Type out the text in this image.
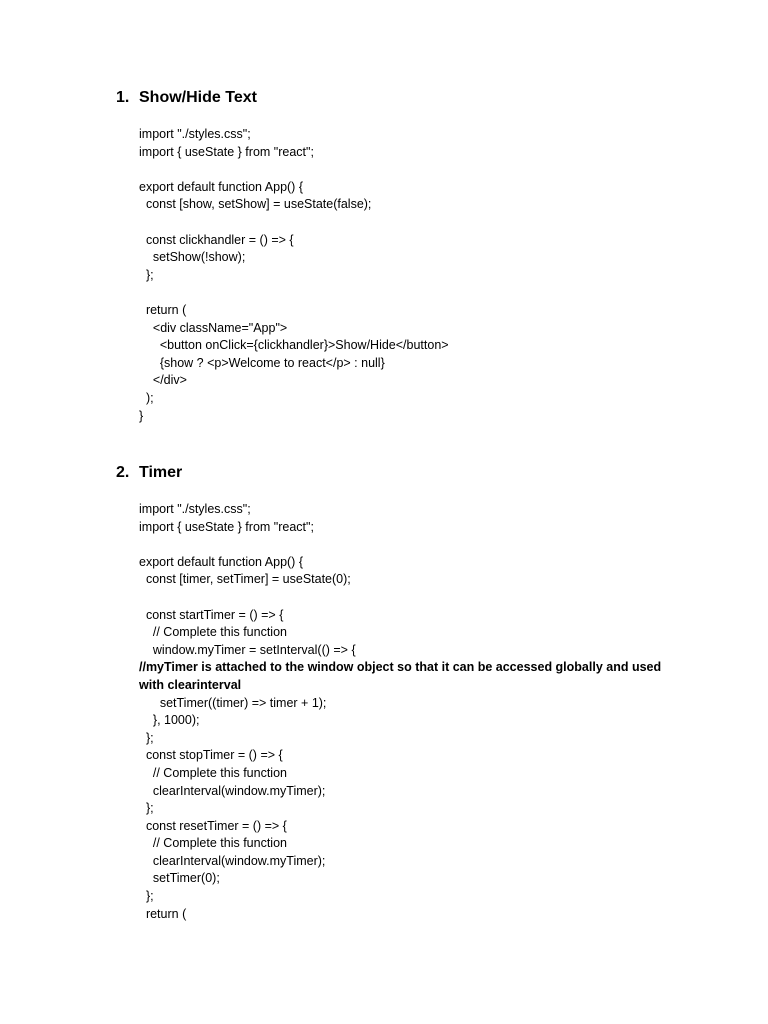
1. Show/Hide Text
import "./styles.css";
import { useState } from "react";
export default function App() {
const [show, setShow] = useState(false);
const clickhandler = () => {
setShow(!show);
};
return (
<div className="App">
<button onClick={clickhandler}>Show/Hide</button>
{show ? <p>Welcome to react</p> : null}
</div>
);
}
2. Timer
import "./styles.css";
import { useState } from "react";
export default function App() {
const [timer, setTimer] = useState(0);
const startTimer = () => {
// Complete this function
window.myTimer = setInterval(() => {
//myTimer is attached to the window object so that it can be accessed globally and used with clearinterval
setTimer((timer) => timer + 1);
}, 1000);
};
const stopTimer = () => {
// Complete this function
clearInterval(window.myTimer);
};
const resetTimer = () => {
// Complete this function
clearInterval(window.myTimer);
setTimer(0);
};
return (
